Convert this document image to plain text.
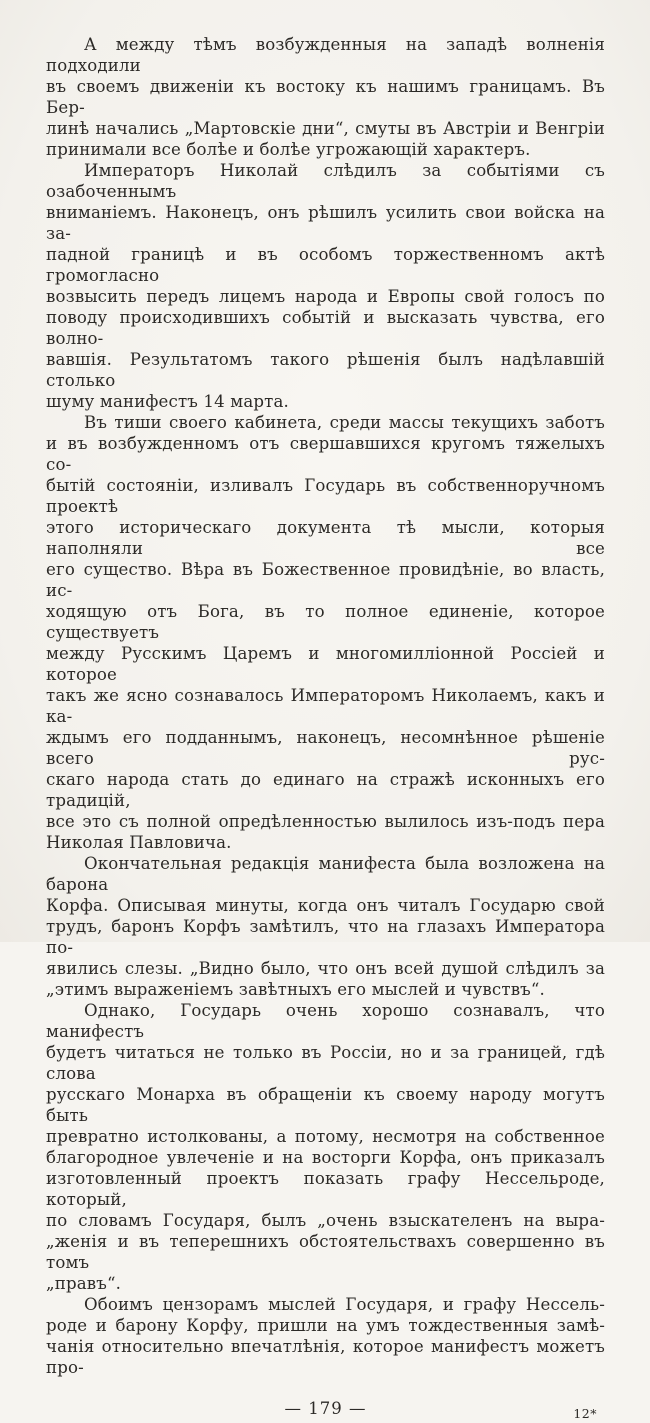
А между тѣмъ возбужденныя на западѣ волненія подходили
въ своемъ движеніи къ востоку къ нашимъ границамъ. Въ Бер-
линѣ начались „Мартовскіе дни“, смуты въ Австріи и Венгріи
принимали все болѣе и болѣе угрожающій характеръ.
Императоръ Николай слѣдилъ за событіями съ озабоченнымъ
вниманіемъ. Наконецъ, онъ рѣшилъ усилить свои войска на за-
падной границѣ и въ особомъ торжественномъ актѣ громогласно
возвысить передъ лицемъ народа и Европы свой голосъ по
поводу происходившихъ событій и высказать чувства, его волно-
вавшія. Результатомъ такого рѣшенія былъ надѣлавшій столько
шуму манифестъ 14 марта.
Въ тиши своего кабинета, среди массы текущихъ заботъ
и въ возбужденномъ отъ свершавшихся кругомъ тяжелыхъ со-
бытій состояніи, изливалъ Государь въ собственноручномъ проектѣ
этого историческаго документа тѣ мысли, которыя наполняли все
его существо. Вѣра въ Божественное провидѣніе, во власть, ис-
ходящую отъ Бога, въ то полное единеніе, которое существуетъ
между Русскимъ Царемъ и многомилліонной Россіей и которое
такъ же ясно сознавалось Императоромъ Николаемъ, какъ и ка-
ждымъ его подданнымъ, наконецъ, несомнѣнное рѣшеніе всего рус-
скаго народа стать до единаго на стражѣ исконныхъ его традицій,
все это съ полной опредѣленностью вылилось изъ-подъ пера
Николая Павловича.
Окончательная редакція манифеста была возложена на барона
Корфа. Описывая минуты, когда онъ читалъ Государю свой
трудъ, баронъ Корфъ замѣтилъ, что на глазахъ Императора по-
явились слезы. „Видно было, что онъ всей душой слѣдилъ за
„этимъ выраженіемъ завѣтныхъ его мыслей и чувствъ“.
Однако, Государь очень хорошо сознавалъ, что манифестъ
будетъ читаться не только въ Россіи, но и за границей, гдѣ слова
русскаго Монарха въ обращеніи къ своему народу могутъ быть
превратно истолкованы, а потому, несмотря на собственное
благородное увлеченіе и на восторги Корфа, онъ приказалъ
изготовленный проектъ показать графу Нессельроде, который,
по словамъ Государя, былъ „очень взыскателенъ на выра-
„женія и въ теперешнихъ обстоятельствахъ совершенно въ томъ
„правъ“.
Обоимъ цензорамъ мыслей Государя, и графу Нессель-
роде и барону Корфу, пришли на умъ тождественныя замѣ-
чанія относительно впечатлѣнія, которое манифестъ можетъ про-
— 179 —	12*
